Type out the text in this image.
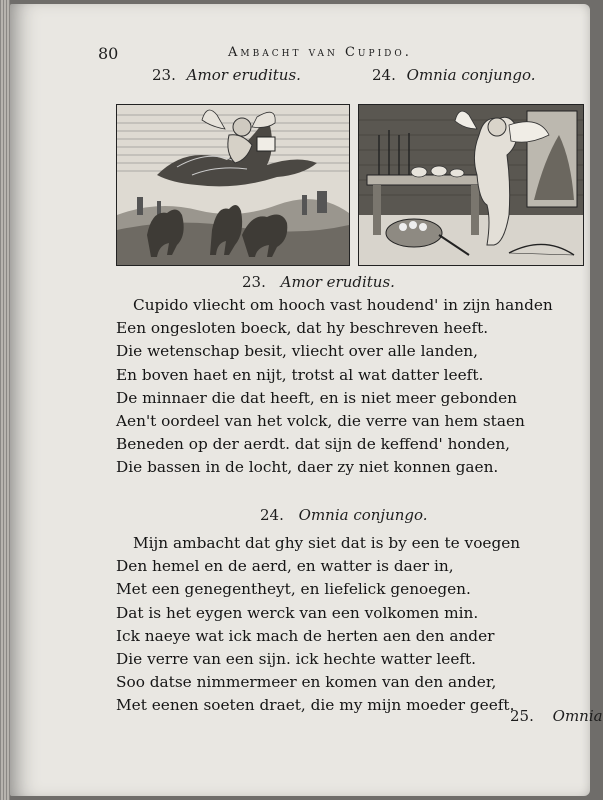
80	Ambacht van Cupido.
23. Amor eruditus.	24. Omnia conjungo.
23. Amor eruditus.
Cupido vliecht om hooch vast houdend' in zijn handen
Een ongesloten boeck, dat hy beschreven heeft.
Die wetenschap besit, vliecht over alle landen,
En boven haet en nijt, trotst al wat datter leeft.
De minnaer die dat heeft, en is niet meer gebonden
Aen't oordeel van het volck, die verre van hem staen
Beneden op der aerdt. dat sijn de keffend' honden,
Die bassen in de locht, daer zy niet konnen gaen.
24. Omnia conjungo.
Mijn ambacht dat ghy siet dat is by een te voegen
Den hemel en de aerd, en watter is daer in,
Met een genegentheyt, en liefelick genoegen.
Dat is het eygen werck van een volkomen min.
Ick naeye wat ick mach de herten aen den ander
Die verre van een sijn. ick hechte watter leeft.
Soo datse nimmermeer en komen van den ander,
Met eenen soeten draet, die my mijn moeder geeft.
25. Omnia
